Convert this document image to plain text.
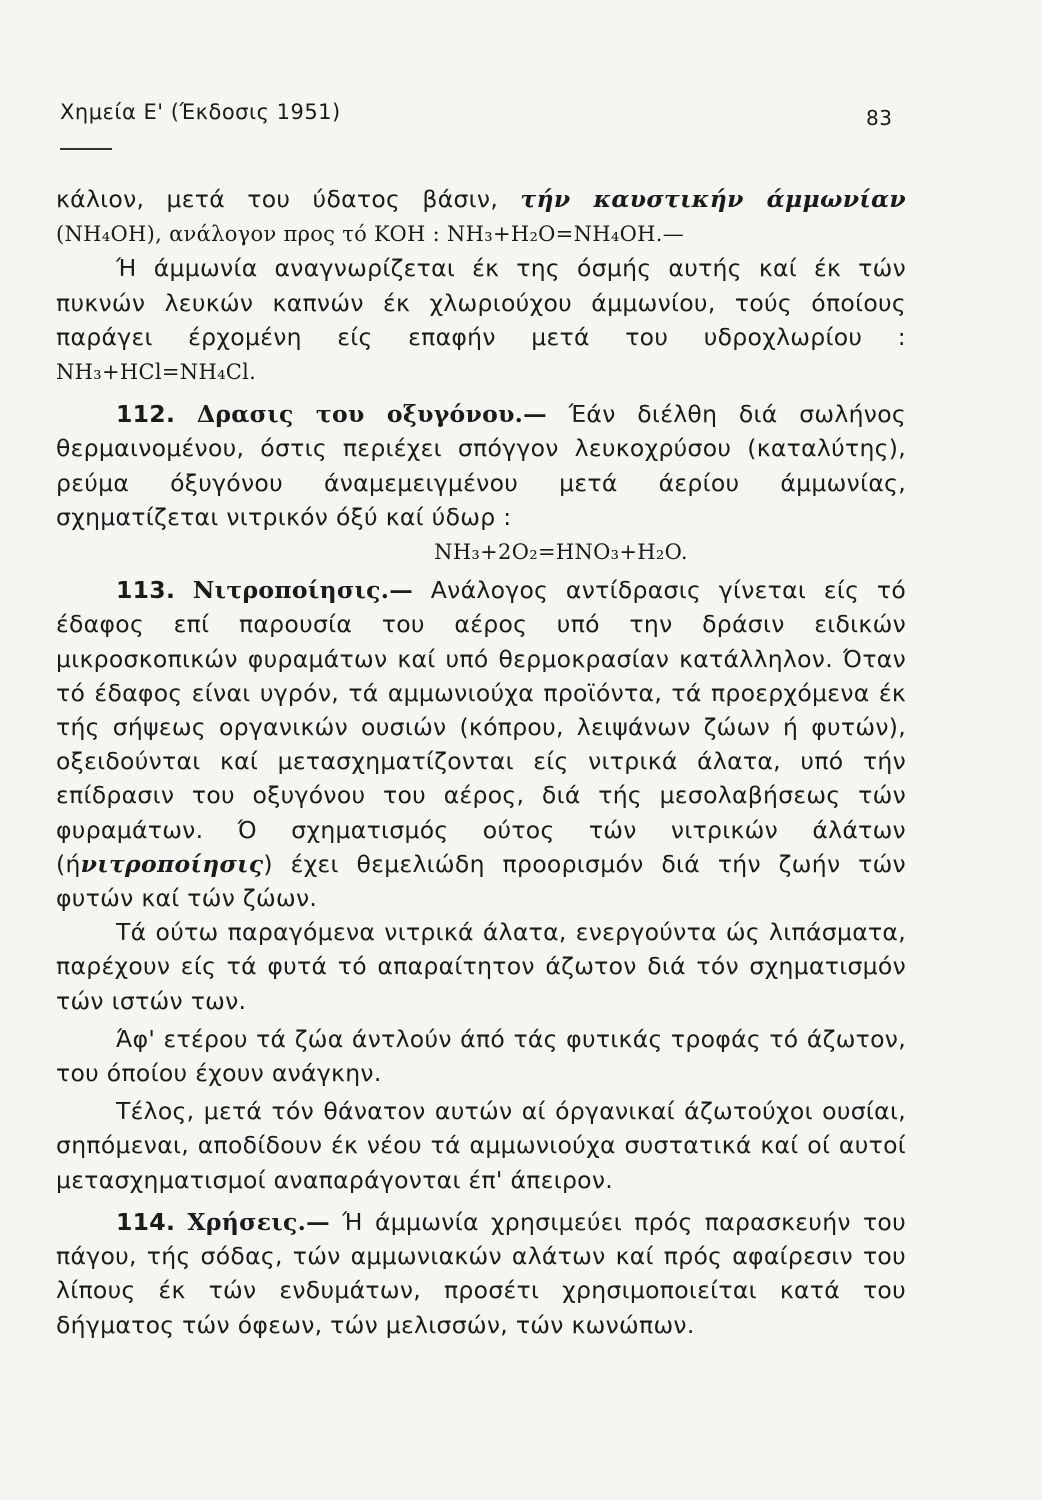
Χημεία Ε' (Έκδοσις 1951)	83

κάλιον, μετά του ύδατος βάσιν, τήν καυστικήν άμμωνίαν (NH₄OH), ανάλογον προς τό KOH : NH₃+H₂O=NH₄OH.—

Ή άμμωνία αναγνωρίζεται έκ της όσμής αυτής καί έκ τών πυκνών λευκών καπνών έκ χλωριούχου άμμωνίου, τούς όποίους παράγει έρχομένη είς επαφήν μετά του υδροχλωρίου : NH₃+HCl=NH₄Cl.

112. Δρασις του οξυγόνου.— Έάν διέλθη διά σωλήνος θερμαινομένου, όστις περιέχει σπόγγον λευκοχρύσου (καταλύτης), ρεύμα όξυγόνου άναμεμειγμένου μετά άερίου άμμωνίας, σχηματίζεται νιτρικόν όξύ καί ύδωρ :

NH₃+2O₂=HNO₃+H₂O.

113. Νιτροποίησις.— Ανάλογος αντίδρασις γίνεται είς τό έδαφος επί παρουσία του αέρος υπό την δράσιν ειδικών μικροσκοπικών φυραμάτων καί υπό θερμοκρασίαν κατάλληλον. Όταν τό έδαφος είναι υγρόν, τά αμμωνιούχα προϊόντα, τά προερχόμενα έκ τής σήψεως οργανικών ουσιών (κόπρου, λειψάνων ζώων ή φυτών), οξειδούνται καί μετασχηματίζονται είς νιτρικά άλατα, υπό τήν επίδρασιν του οξυγόνου του αέρος, διά τής μεσολαβήσεως τών φυραμάτων. Ό σχηματισμός ούτος τών νιτρικών άλάτων (ήνιτροποίησις) έχει θεμελιώδη προορισμόν διά τήν ζωήν τών φυτών καί τών ζώων.

Τά ούτω παραγόμενα νιτρικά άλατα, ενεργούντα ώς λιπάσματα, παρέχουν είς τά φυτά τό απαραίτητον άζωτον διά τόν σχηματισμόν τών ιστών των.

Άφ' ετέρου τά ζώα άντλούν άπό τάς φυτικάς τροφάς τό άζωτον, του όποίου έχουν ανάγκην.

Τέλος, μετά τόν θάνατον αυτών αί όργανικαί άζωτούχοι ουσίαι, σηπόμεναι, αποδίδουν έκ νέου τά αμμωνιούχα συστατικά καί οί αυτοί μετασχηματισμοί αναπαράγονται έπ' άπειρον.

114. Χρήσεις.— Ή άμμωνία χρησιμεύει πρός παρασκευήν του πάγου, τής σόδας, τών αμμωνιακών αλάτων καί πρός αφαίρεσιν του λίπους έκ τών ενδυμάτων, προσέτι χρησιμοποιείται κατά του δήγματος τών όφεων, τών μελισσών, τών κωνώπων.
